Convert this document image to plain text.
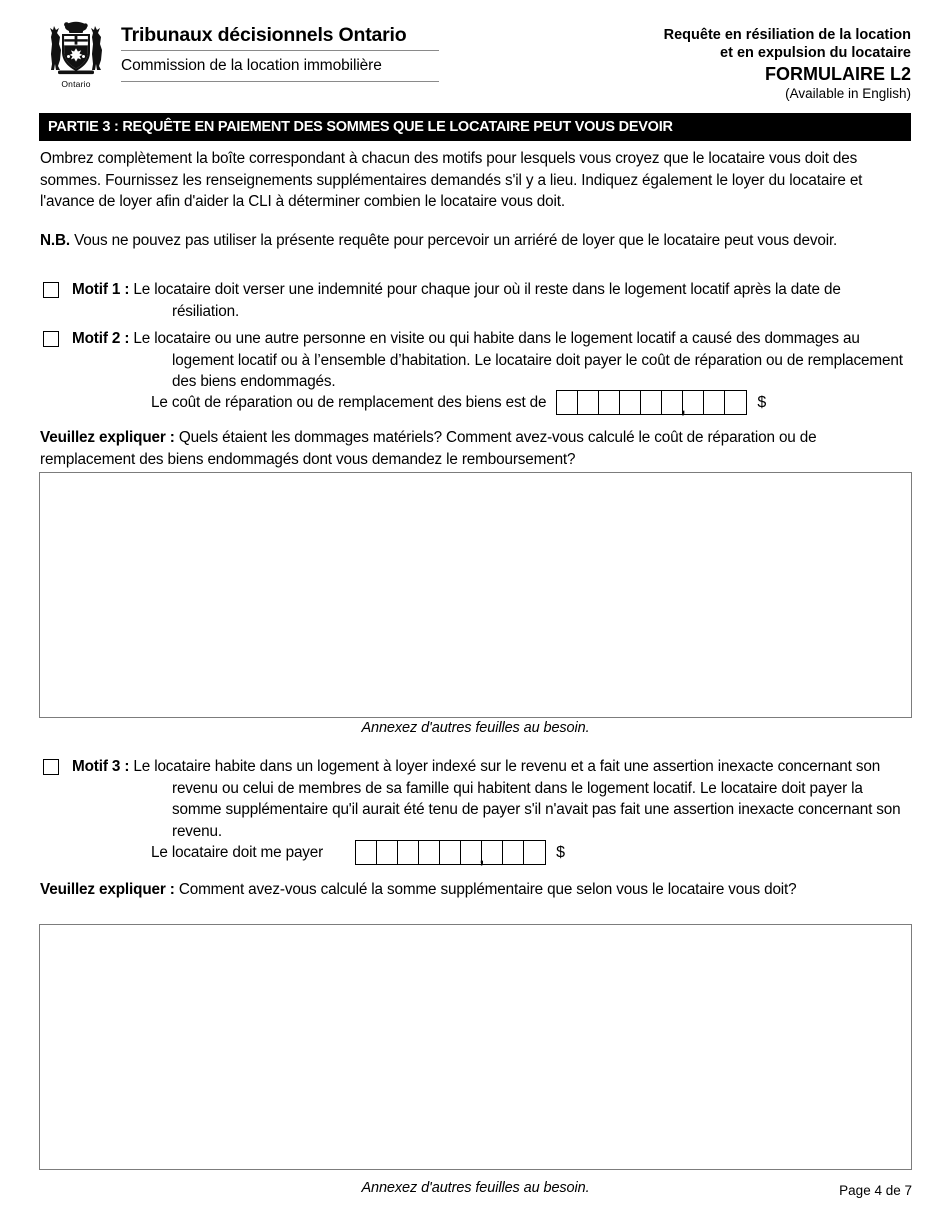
Ontario
Tribunaux décisionnels Ontario
Commission de la location immobilière
Requête en résiliation de la location
et en expulsion du locataire
FORMULAIRE L2
(Available in English)
PARTIE 3 : REQUÊTE EN PAIEMENT DES SOMMES QUE LE LOCATAIRE PEUT VOUS DEVOIR
Ombrez complètement la boîte correspondant à chacun des motifs pour lesquels vous croyez que le locataire vous doit des sommes. Fournissez les renseignements supplémentaires demandés s'il y a lieu. Indiquez également le loyer du locataire et l'avance de loyer afin d'aider la CLI à déterminer combien le locataire vous doit.
N.B. Vous ne pouvez pas utiliser la présente requête pour percevoir un arriéré de loyer que le locataire peut vous devoir.
Motif 1 : Le locataire doit verser une indemnité pour chaque jour où il reste dans le logement locatif après la date de résiliation.
Motif 2 : Le locataire ou une autre personne en visite ou qui habite dans le logement locatif a causé des dommages au logement locatif ou à l’ensemble d’habitation. Le locataire doit payer le coût de réparation ou de remplacement des biens endommagés.
Le coût de réparation ou de remplacement des biens est de ,	$
Veuillez expliquer : Quels étaient les dommages matériels? Comment avez-vous calculé le coût de réparation ou de remplacement des biens endommagés dont vous demandez le remboursement?
Annexez d'autres feuilles au besoin.
Motif 3 : Le locataire habite dans un logement à loyer indexé sur le revenu et a fait une assertion inexacte concernant son revenu ou celui de membres de sa famille qui habitent dans le logement locatif. Le locataire doit payer la somme supplémentaire qu'il aurait été tenu de payer s'il n'avait pas fait une assertion inexacte concernant son revenu.
Le locataire doit me payer ,	$
Veuillez expliquer : Comment avez-vous calculé la somme supplémentaire que selon vous le locataire vous doit?
Annexez d'autres feuilles au besoin.	Page 4 de 7
